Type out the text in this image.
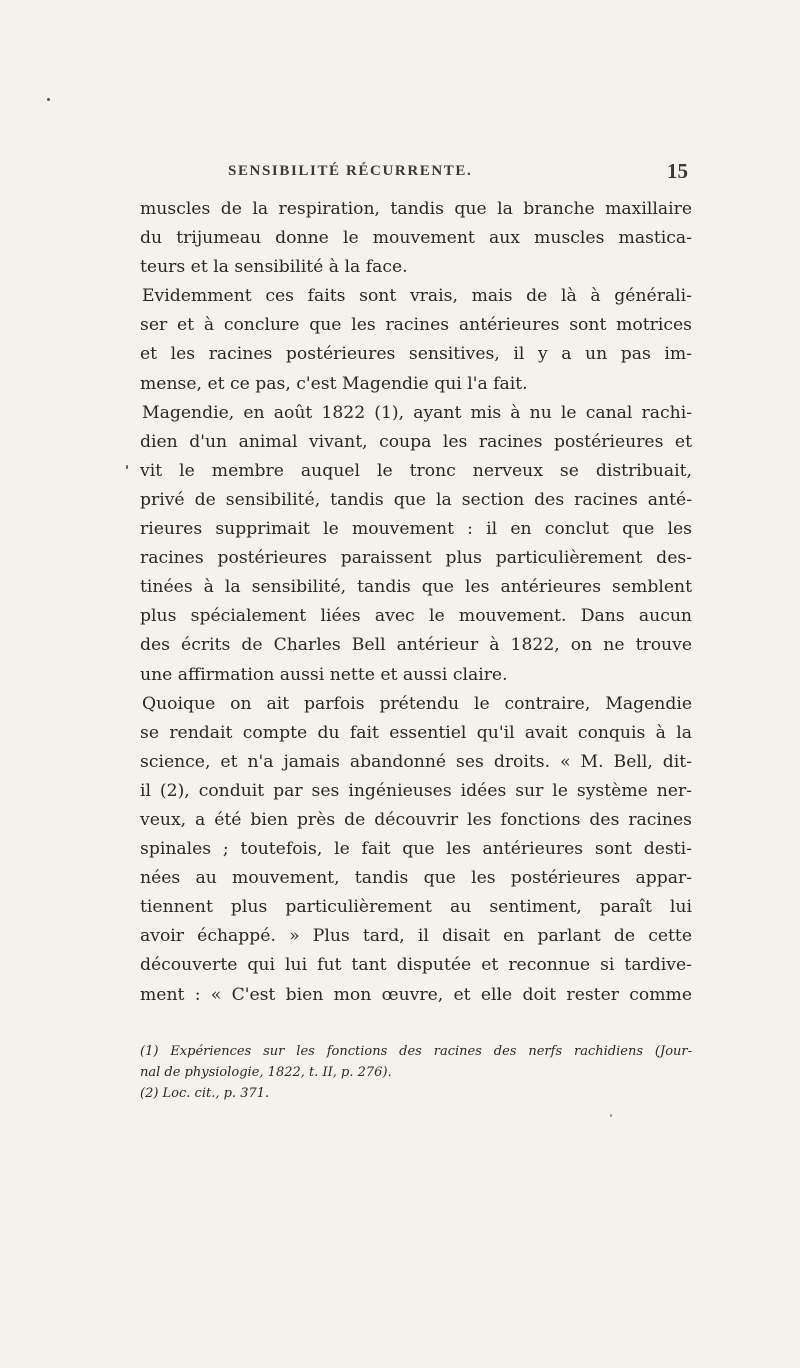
SENSIBILITÉ RÉCURRENTE.	15
muscles de la respiration, tandis que la branche maxillaire
du trijumeau donne le mouvement aux muscles mastica-
teurs et la sensibilité à la face.
Evidemment ces faits sont vrais, mais de là à générali-
ser et à conclure que les racines antérieures sont motrices
et les racines postérieures sensitives, il y a un pas im-
mense, et ce pas, c'est Magendie qui l'a fait.
Magendie, en août 1822 (1), ayant mis à nu le canal rachi-
dien d'un animal vivant, coupa les racines postérieures et
vit le membre auquel le tronc nerveux se distribuait,
privé de sensibilité, tandis que la section des racines anté-
rieures supprimait le mouvement : il en conclut que les
racines postérieures paraissent plus particulièrement des-
tinées à la sensibilité, tandis que les antérieures semblent
plus spécialement liées avec le mouvement. Dans aucun
des écrits de Charles Bell antérieur à 1822, on ne trouve
une affirmation aussi nette et aussi claire.
Quoique on ait parfois prétendu le contraire, Magendie
se rendait compte du fait essentiel qu'il avait conquis à la
science, et n'a jamais abandonné ses droits. « M. Bell, dit-
il (2), conduit par ses ingénieuses idées sur le système ner-
veux, a été bien près de découvrir les fonctions des racines
spinales ; toutefois, le fait que les antérieures sont desti-
nées au mouvement, tandis que les postérieures appar-
tiennent plus particulièrement au sentiment, paraît lui
avoir échappé. » Plus tard, il disait en parlant de cette
découverte qui lui fut tant disputée et reconnue si tardive-
ment : « C'est bien mon œuvre, et elle doit rester comme
(1) Expériences sur les fonctions des racines des nerfs rachidiens (Jour-
nal de physiologie, 1822, t. II, p. 276).
(2) Loc. cit., p. 371.
